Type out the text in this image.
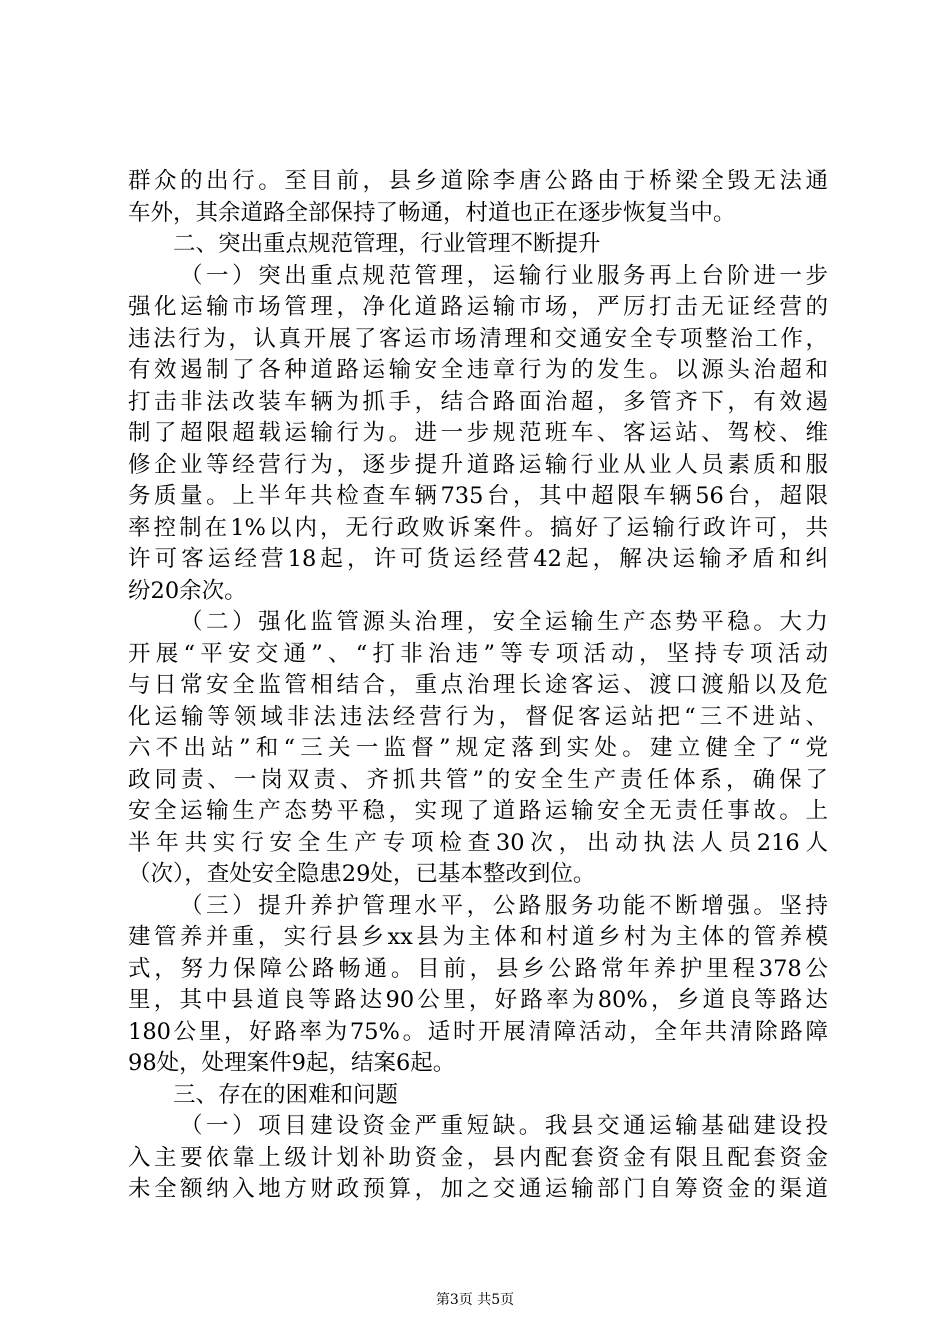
群众的出行。至目前，县乡道除李唐公路由于桥梁全毁无法通
车外，其余道路全部保持了畅通，村道也正在逐步恢复当中。
二、突出重点规范管理，行业管理不断提升
（一）突出重点规范管理，运输行业服务再上台阶进一步
强化运输市场管理，净化道路运输市场，严厉打击无证经营的
违法行为，认真开展了客运市场清理和交通安全专项整治工作，
有效遏制了各种道路运输安全违章行为的发生。以源头治超和
打击非法改装车辆为抓手，结合路面治超，多管齐下，有效遏
制了超限超载运输行为。进一步规范班车、客运站、驾校、维
修企业等经营行为，逐步提升道路运输行业从业人员素质和服
务质量。上半年共检查车辆735台，其中超限车辆56台，超限
率控制在1%以内，无行政败诉案件。搞好了运输行政许可，共
许可客运经营18起，许可货运经营42起，解决运输矛盾和纠
纷20余次。
（二）强化监管源头治理，安全运输生产态势平稳。大力
开展“平安交通”、“打非治违”等专项活动，坚持专项活动
与日常安全监管相结合，重点治理长途客运、渡口渡船以及危
化运输等领域非法违法经营行为，督促客运站把“三不进站、
六不出站”和“三关一监督”规定落到实处。建立健全了“党
政同责、一岗双责、齐抓共管”的安全生产责任体系，确保了
安全运输生产态势平稳，实现了道路运输安全无责任事故。上
半年共实行安全生产专项检查30次，出动执法人员216人
（次），查处安全隐患29处，已基本整改到位。
（三）提升养护管理水平，公路服务功能不断增强。坚持
建管养并重，实行县乡xx县为主体和村道乡村为主体的管养模
式，努力保障公路畅通。目前，县乡公路常年养护里程378公
里，其中县道良等路达90公里，好路率为80%，乡道良等路达
180公里，好路率为75%。适时开展清障活动，全年共清除路障
98处，处理案件9起，结案6起。
三、存在的困难和问题
（一）项目建设资金严重短缺。我县交通运输基础建设投
入主要依靠上级计划补助资金，县内配套资金有限且配套资金
未全额纳入地方财政预算，加之交通运输部门自筹资金的渠道
第3页 共5页
